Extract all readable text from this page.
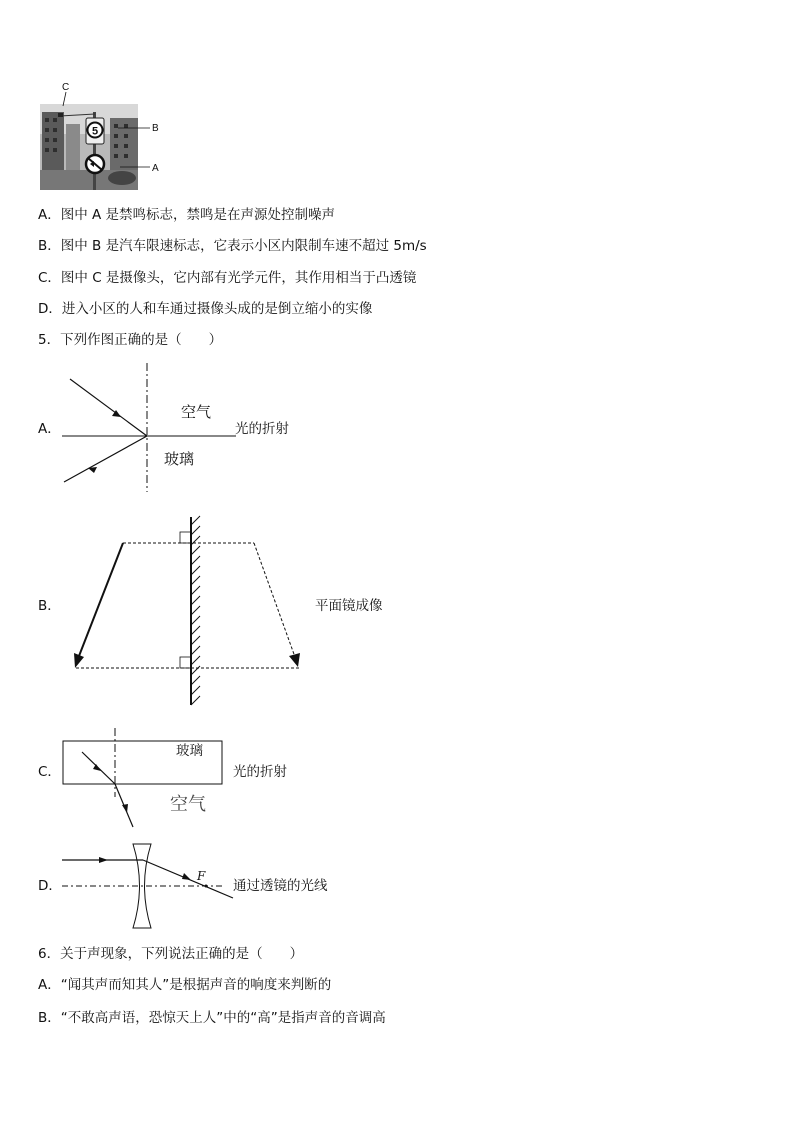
5
C
B
A
A．图中 A 是禁鸣标志，禁鸣是在声源处控制噪声
B．图中 B 是汽车限速标志，它表示小区内限制车速不超过 5m/s
C．图中 C 是摄像头，它内部有光学元件，其作用相当于凸透镜
D．进入小区的人和车通过摄像头成的是倒立缩小的实像
5．下列作图正确的是（　　）
A．
空气
玻璃
光的折射
B．	平面镜成像
C．
玻璃
空气
光的折射
D．
F
通过透镜的光线
6．关于声现象，下列说法正确的是（　　）
A．“闻其声而知其人”是根据声音的响度来判断的
B．“不敢高声语，恐惊天上人”中的“高”是指声音的音调高
